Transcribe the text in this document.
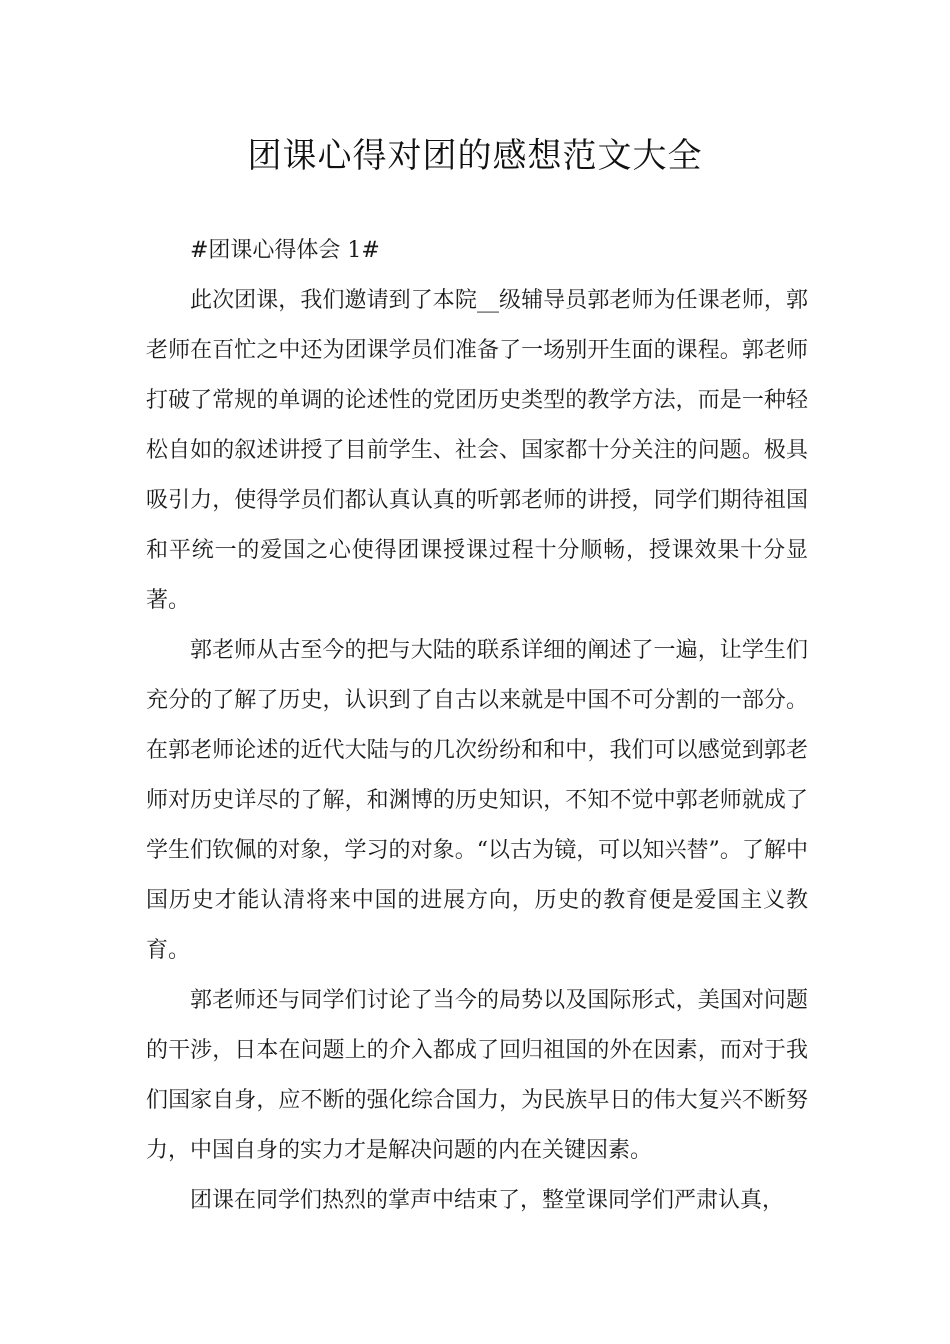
团课心得对团的感想范文大全

#团课心得体会 1#

此次团课，我们邀请到了本院__级辅导员郭老师为任课老师，郭老师在百忙之中还为团课学员们准备了一场别开生面的课程。郭老师打破了常规的单调的论述性的党团历史类型的教学方法，而是一种轻松自如的叙述讲授了目前学生、社会、国家都十分关注的问题。极具吸引力，使得学员们都认真认真的听郭老师的讲授，同学们期待祖国和平统一的爱国之心使得团课授课过程十分顺畅，授课效果十分显著。

郭老师从古至今的把与大陆的联系详细的阐述了一遍，让学生们充分的了解了历史，认识到了自古以来就是中国不可分割的一部分。在郭老师论述的近代大陆与的几次纷纷和和中，我们可以感觉到郭老师对历史详尽的了解，和渊博的历史知识，不知不觉中郭老师就成了学生们钦佩的对象，学习的对象。“以古为镜，可以知兴替”。了解中国历史才能认清将来中国的进展方向，历史的教育便是爱国主义教育。

郭老师还与同学们讨论了当今的局势以及国际形式，美国对问题的干涉，日本在问题上的介入都成了回归祖国的外在因素，而对于我们国家自身，应不断的强化综合国力，为民族早日的伟大复兴不断努力，中国自身的实力才是解决问题的内在关键因素。

团课在同学们热烈的掌声中结束了，整堂课同学们严肃认真，
